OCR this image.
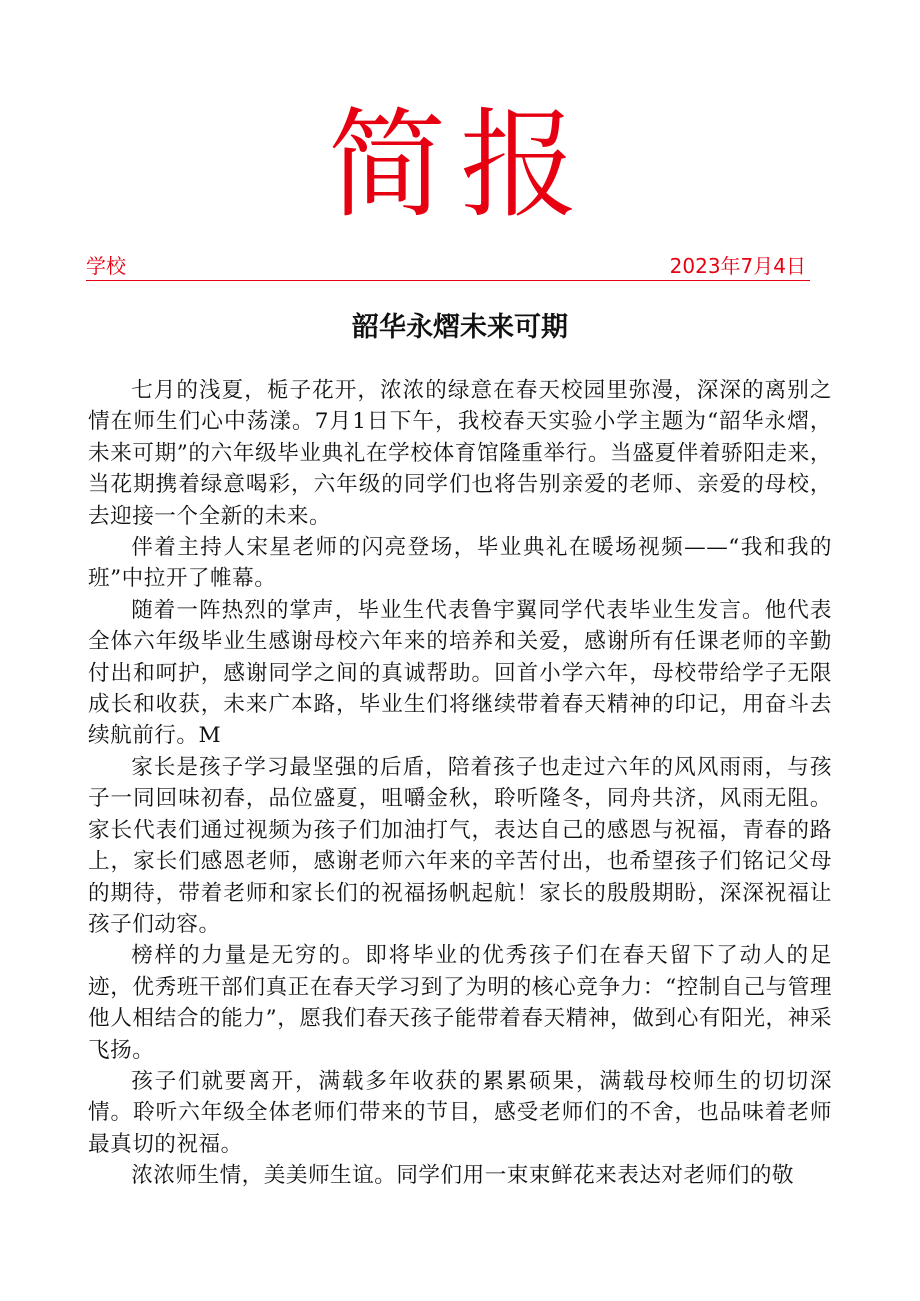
简报
学校	2023年7月4日
韶华永熠未来可期

七月的浅夏，栀子花开，浓浓的绿意在春天校园里弥漫，深深的离别之情在师生们心中荡漾。7月1日下午，我校春天实验小学主题为“韶华永熠，未来可期”的六年级毕业典礼在学校体育馆隆重举行。当盛夏伴着骄阳走来，当花期携着绿意喝彩，六年级的同学们也将告别亲爱的老师、亲爱的母校，去迎接一个全新的未来。

伴着主持人宋星老师的闪亮登场，毕业典礼在暖场视频——“我和我的班”中拉开了帷幕。

随着一阵热烈的掌声，毕业生代表鲁宇翼同学代表毕业生发言。他代表全体六年级毕业生感谢母校六年来的培养和关爱，感谢所有任课老师的辛勤付出和呵护，感谢同学之间的真诚帮助。回首小学六年，母校带给学子无限成长和收获，未来广本路，毕业生们将继续带着春天精神的印记，用奋斗去续航前行。M

家长是孩子学习最坚强的后盾，陪着孩子也走过六年的风风雨雨，与孩子一同回味初春，品位盛夏，咀嚼金秋，聆听隆冬，同舟共济，风雨无阻。家长代表们通过视频为孩子们加油打气，表达自己的感恩与祝福，青春的路上，家长们感恩老师，感谢老师六年来的辛苦付出，也希望孩子们铭记父母的期待，带着老师和家长们的祝福扬帆起航！家长的殷殷期盼，深深祝福让孩子们动容。

榜样的力量是无穷的。即将毕业的优秀孩子们在春天留下了动人的足迹，优秀班干部们真正在春天学习到了为明的核心竞争力：“控制自己与管理他人相结合的能力”，愿我们春天孩子能带着春天精神，做到心有阳光，神采飞扬。

孩子们就要离开，满载多年收获的累累硕果，满载母校师生的切切深情。聆听六年级全体老师们带来的节目，感受老师们的不舍，也品味着老师最真切的祝福。

浓浓师生情，美美师生谊。同学们用一束束鲜花来表达对老师们的敬
